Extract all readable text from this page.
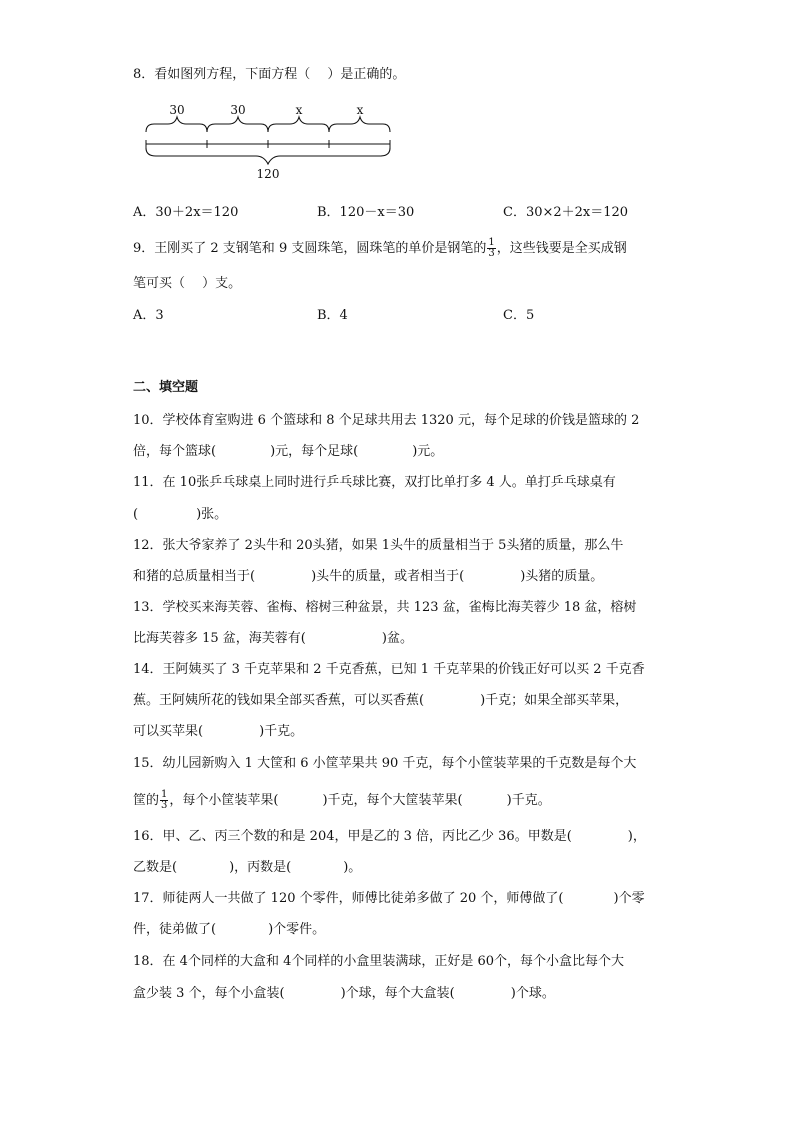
8．看如图列方程，下面方程（　 ）是正确的。
30	30	x	x
120
A．30＋2x＝120	B．120－x＝30	C．30×2＋2x＝120
9．王刚买了 2 支钢笔和 9 支圆珠笔，圆珠笔的单价是钢笔的 $\frac{1}{3}$ ，这些钱要是全买成钢
笔可买（　 ）支。
A．3	B．4	C．5
二、填空题
10．学校体育室购进 6 个篮球和 8 个足球共用去 1320 元，每个足球的价钱是篮球的 2
倍，每个篮球(	)元，每个足球(	)元。
11．在 10张乒乓球桌上同时进行乒乓球比赛，双打比单打多 4 人。单打乒乓球桌有
(	)张。
12．张大爷家养了 2头牛和 20头猪，如果 1头牛的质量相当于 5头猪的质量，那么牛
和猪的总质量相当于(	)头牛的质量，或者相当于(	)头猪的质量。
13．学校买来海芙蓉、雀梅、榕树三种盆景，共 123 盆，雀梅比海芙蓉少 18 盆，榕树
比海芙蓉多 15 盆，海芙蓉有(	)盆。
14．王阿姨买了 3 千克苹果和 2 千克香蕉，已知 1 千克苹果的价钱正好可以买 2 千克香
蕉。王阿姨所花的钱如果全部买香蕉，可以买香蕉(	)千克；如果全部买苹果，
可以买苹果(	)千克。
15．幼儿园新购入 1 大筐和 6 小筐苹果共 90 千克，每个小筐装苹果的千克数是每个大
筐的 $\frac{1}{3}$ ，每个小筐装苹果(	)千克，每个大筐装苹果(	)千克。
16．甲、乙、丙三个数的和是 204，甲是乙的 3 倍，丙比乙少 36。甲数是(	)，
乙数是(	)，丙数是(	)。
17．师徒两人一共做了 120 个零件，师傅比徒弟多做了 20 个，师傅做了(	)个零
件，徒弟做了(	)个零件。
18．在 4个同样的大盒和 4个同样的小盒里装满球，正好是 60个，每个小盒比每个大
盒少装 3 个，每个小盒装(	)个球，每个大盒装(	)个球。
